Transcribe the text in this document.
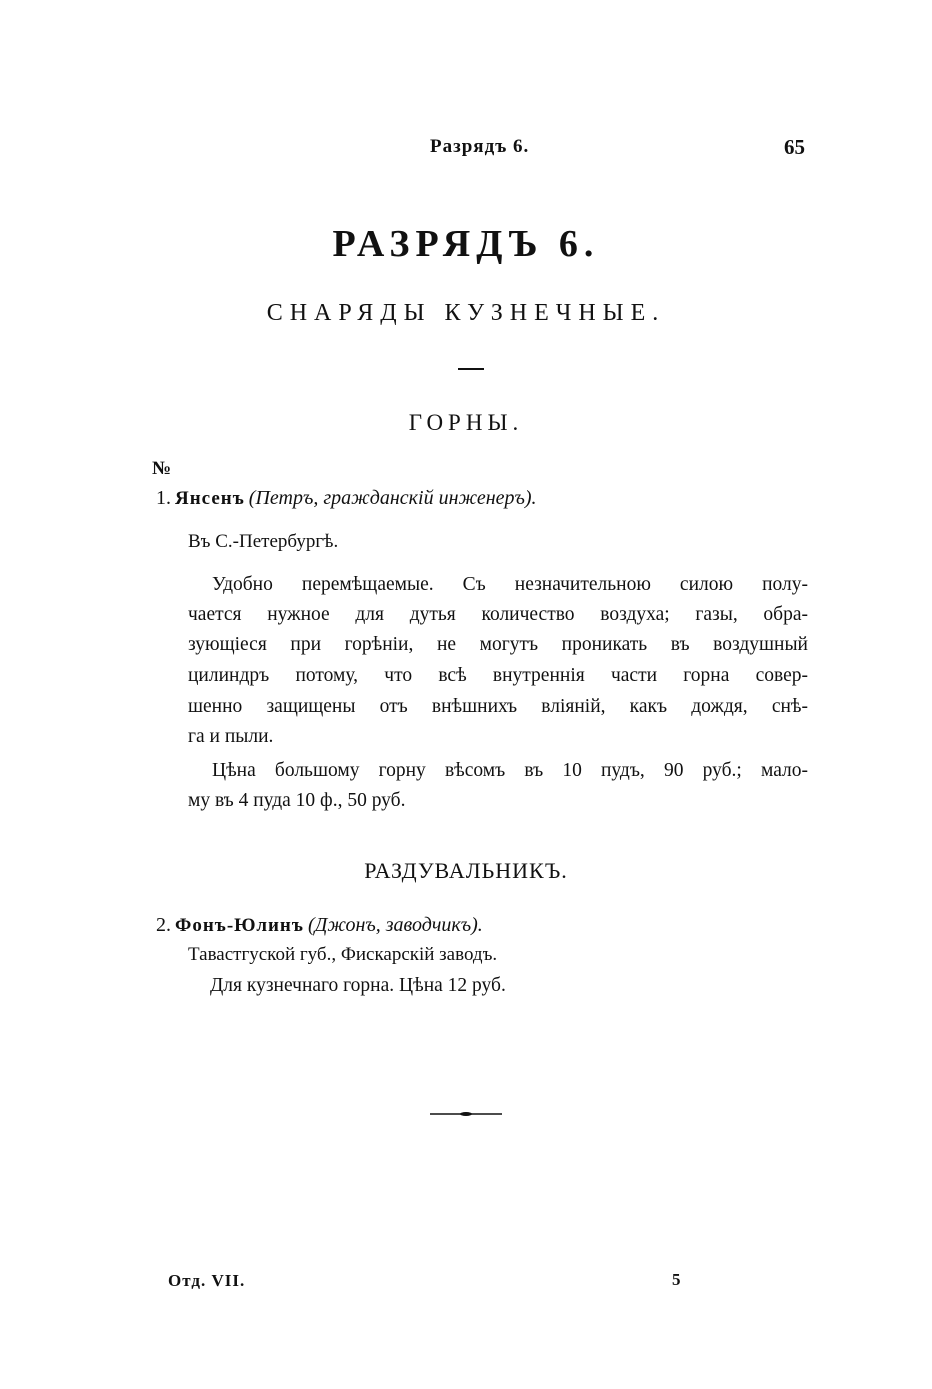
Разрядъ 6.	65
РАЗРЯДЪ 6.
СНАРЯДЫ КУЗНЕЧНЫЕ.
ГОРНЫ.
№
1. Янсенъ (Петръ, гражданскій инженеръ).
Въ С.-Петербургѣ.
Удобно перемѣщаемые. Съ незначительною силою полу-
чается нужное для дутья количество воздуха; газы, обра-
зующіеся при горѣніи, не могутъ проникать въ воздушный
цилиндръ потому, что всѣ внутреннія части горна совер-
шенно защищены отъ внѣшнихъ вліяній, какъ дождя, снѣ-
га и пыли.
Цѣна большому горну вѣсомъ въ 10 пудъ, 90 руб.; мало-
му въ 4 пуда 10 ф., 50 руб.
РАЗДУВАЛЬНИКЪ.
2. Фонъ-Юлинъ (Джонъ, заводчикъ).
Тавастгуской губ., Фискарскій заводъ.
Для кузнечнаго горна. Цѣна 12 руб.
Отд. VII.	5
